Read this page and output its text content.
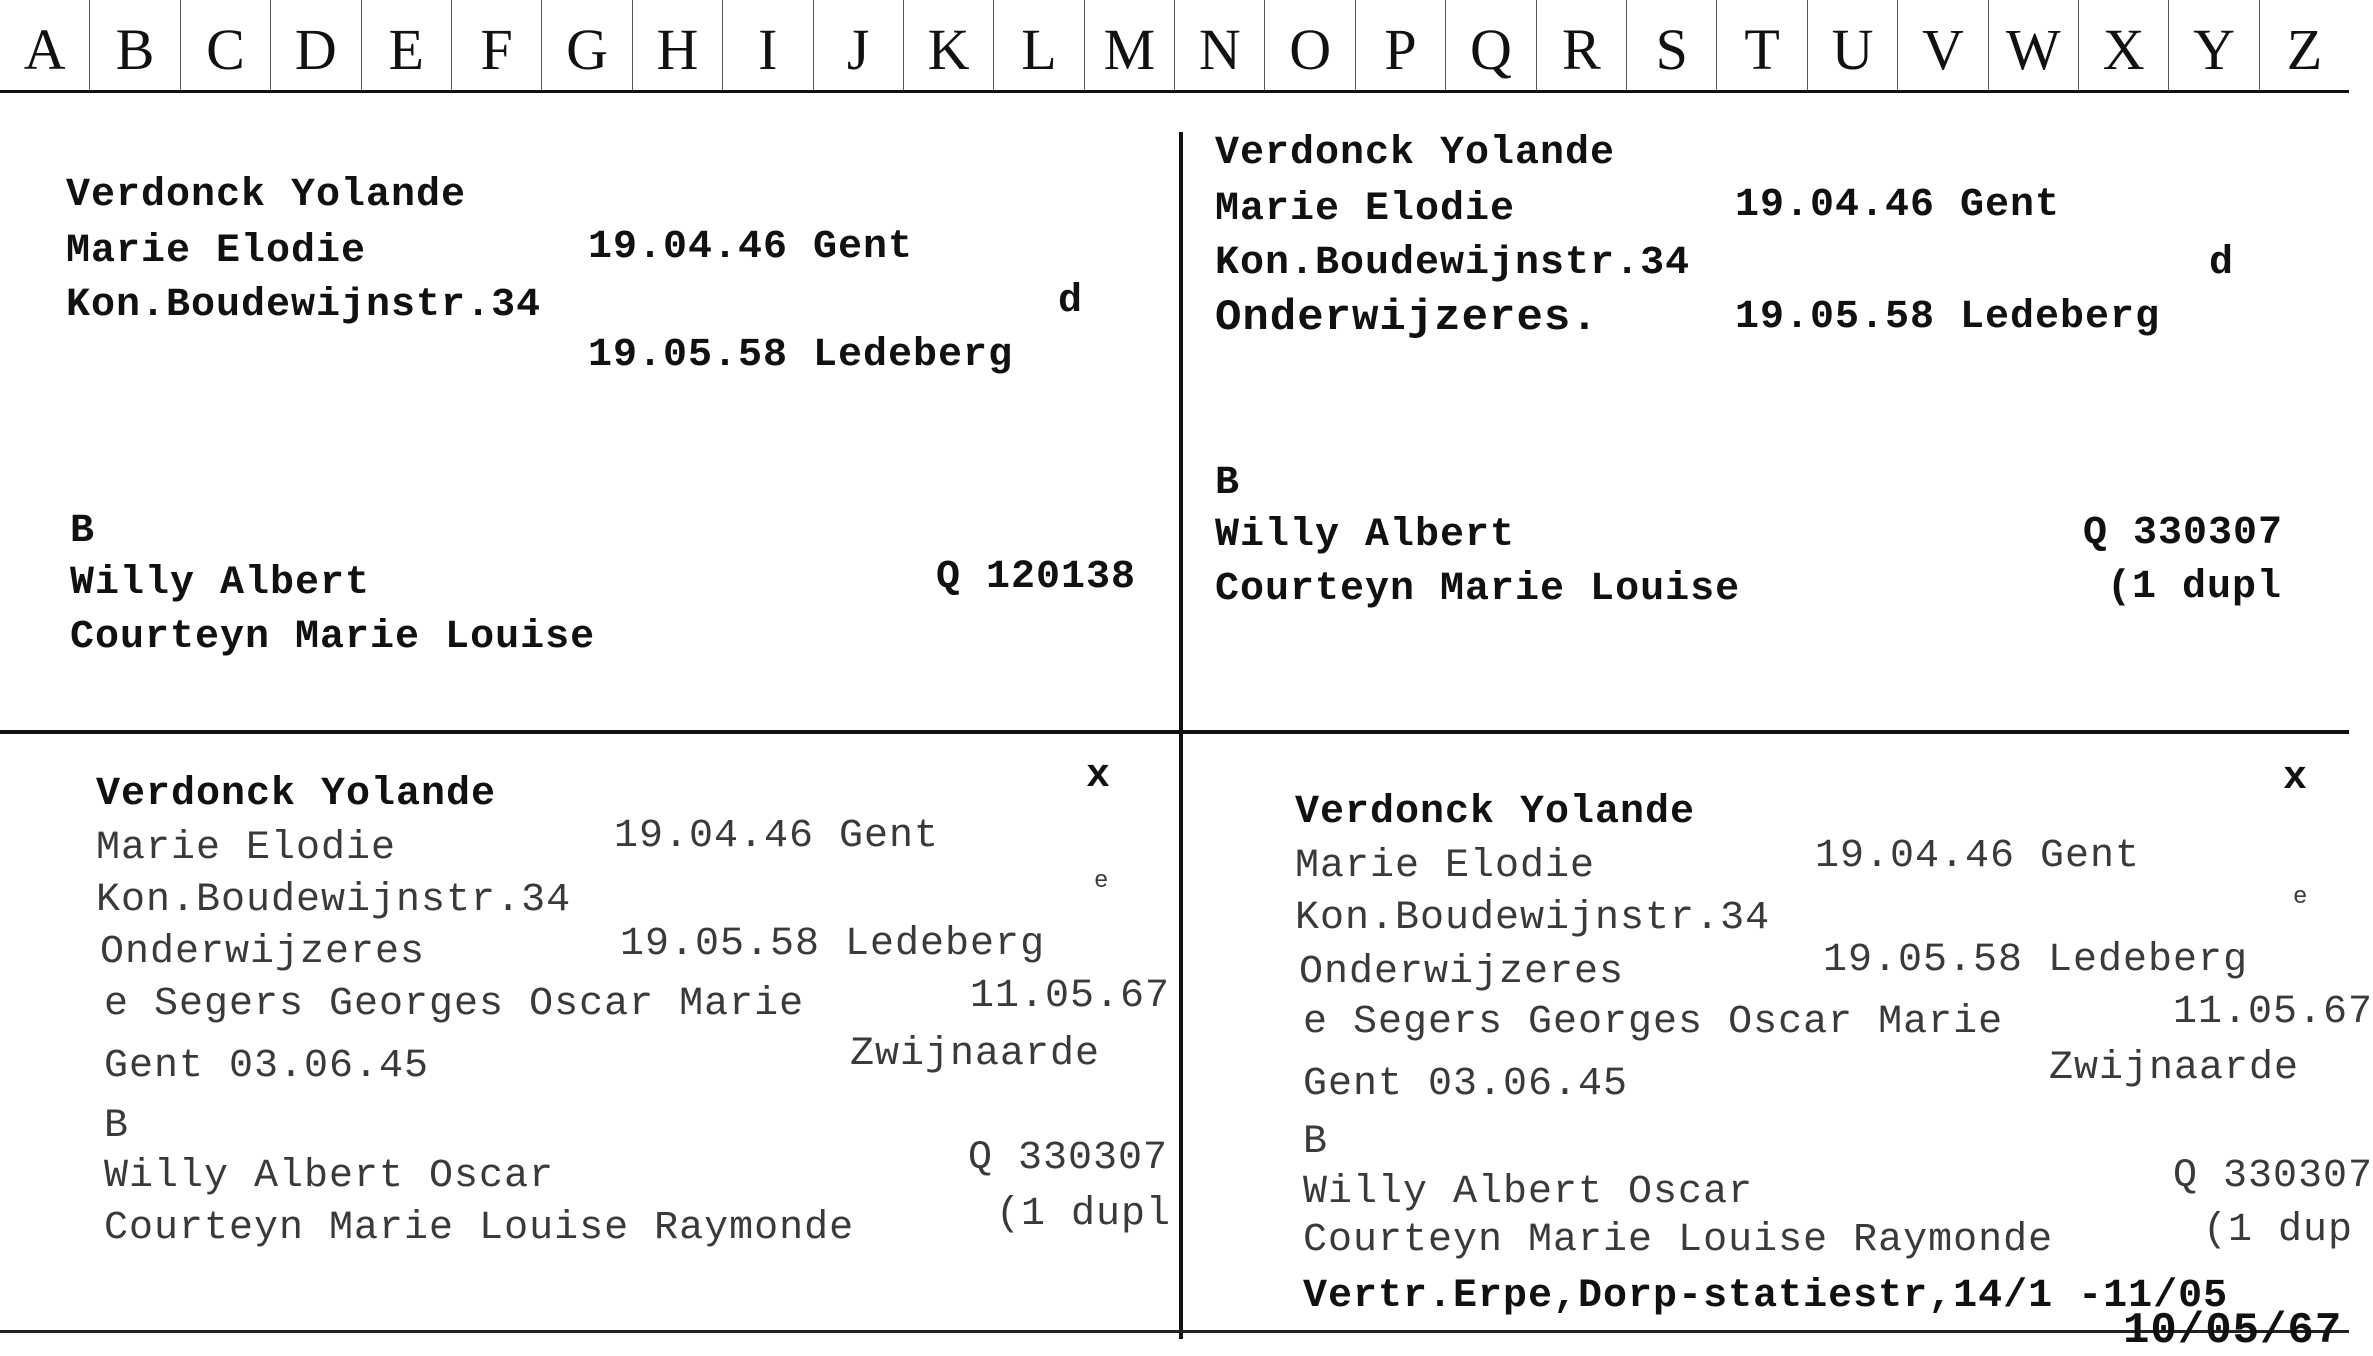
A B C D E F G H	I	J	K L M N O P Q R S T U V W X Y Z
Verdonck Yolande
Marie Elodie	19.04.46 Gent
Kon.Boudewijnstr.34	d
19.05.58 Ledeberg
B
Willy Albert	Q 120138
Courteyn Marie Louise
Verdonck Yolande
Marie Elodie	19.04.46 Gent
Kon.Boudewijnstr.34	d
Onderwijzeres.	19.05.58 Ledeberg
B
Willy Albert	Q 330307
Courteyn Marie Louise	(1 dupl
x
Verdonck Yolande
Marie Elodie	19.04.46 Gent
Kon.Boudewijnstr.34	e
Onderwijzeres	19.05.58 Ledeberg
e Segers Georges Oscar Marie	11.05.67
Gent 03.06.45	Zwijnaarde
B
Willy Albert Oscar	Q 330307
Courteyn Marie Louise Raymonde	(1 dupl
x
Verdonck Yolande
Marie Elodie	19.04.46 Gent
Kon.Boudewijnstr.34	e
Onderwijzeres	19.05.58 Ledeberg
e Segers Georges Oscar Marie	11.05.67
Gent 03.06.45	Zwijnaarde
B
Willy Albert Oscar	Q 330307
Courteyn Marie Louise Raymonde	(1 dup
Vertr.Erpe,Dorp-statiestr,14/1 -11/05
10/05/67
